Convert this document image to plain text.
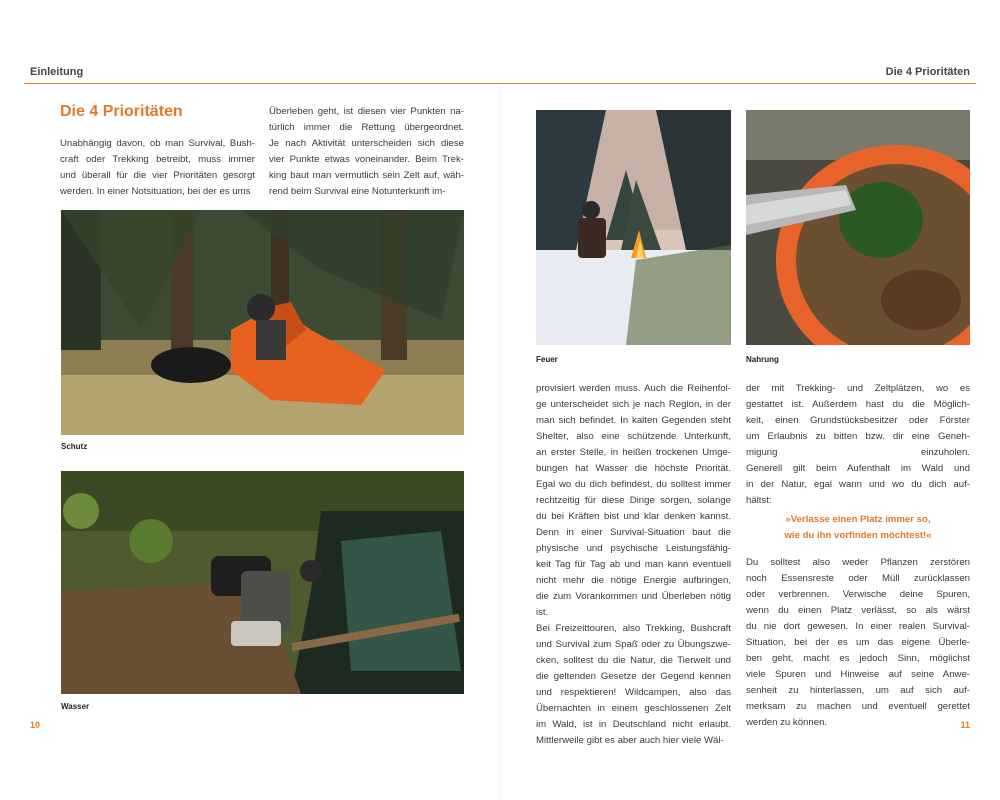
Einleitung	Die 4 Prioritäten
Die 4 Prioritäten
Unabhängig davon, ob man Survival, Bush-
craft oder Trekking betreibt, muss immer
und überall für die vier Prioritäten gesorgt
werden. In einer Notsituation, bei der es ums
Überleben geht, ist diesen vier Punkten na-
türlich immer die Rettung übergeordnet.
Je nach Aktivität unterscheiden sich diese
vier Punkte etwas voneinander. Beim Trek-
king baut man vermutlich sein Zelt auf, wäh-
rend beim Survival eine Notunterkunft im-
provisiert werden muss. Auch die Reihenfol-
ge unterscheidet sich je nach Region, in der
man sich befindet. In kalten Gegenden steht
Shelter, also eine schützende Unterkunft,
an erster Stelle, in heißen trockenen Umge-
bungen hat Wasser die höchste Priorität.
Egal wo du dich befindest, du solltest immer
rechtzeitig für diese Dinge sorgen, solange
du bei Kräften bist und klar denken kannst.
Denn in einer Survival-Situation baut die
physische und psychische Leistungsfähig-
keit Tag für Tag ab und man kann eventuell
nicht mehr die nötige Energie aufbringen,
die zum Vorankommen und Überleben nötig
ist.
Bei Freizeittouren, also Trekking, Bushcraft
und Survival zum Spaß oder zu Übungszwe-
cken, solltest du die Natur, die Tierwelt und
die geltenden Gesetze der Gegend kennen
und respektieren! Wildcampen, also das
Übernachten in einem geschlossenen Zelt
im Wald, ist in Deutschland nicht erlaubt.
Mittlerweile gibt es aber auch hier viele Wäl-
der mit Trekking- und Zeltplätzen, wo es
gestattet ist. Außerdem hast du die Möglich-
keit, einen Grundstücksbesitzer oder Förster
um Erlaubnis zu bitten bzw. dir eine Geneh-
migung einzuholen.
Generell gilt beim Aufenthalt im Wald und
in der Natur, egal wann und wo du dich auf-
hältst:
»Verlasse einen Platz immer so,
wie du ihn vorfinden möchtest!«
Du solltest also weder Pflanzen zerstören
noch Essensreste oder Müll zurücklassen
oder verbrennen. Verwische deine Spuren,
wenn du einen Platz verlässt, so als wärst
du nie dort gewesen. In einer realen Survival-
Situation, bei der es um das eigene Überle-
ben geht, macht es jedoch Sinn, möglichst
viele Spuren und Hinweise auf seine Anwe-
senheit zu hinterlassen, um auf sich auf-
merksam zu machen und eventuell gerettet
werden zu können.
Schutz
Wasser
Feuer	Nahrung
10	11
